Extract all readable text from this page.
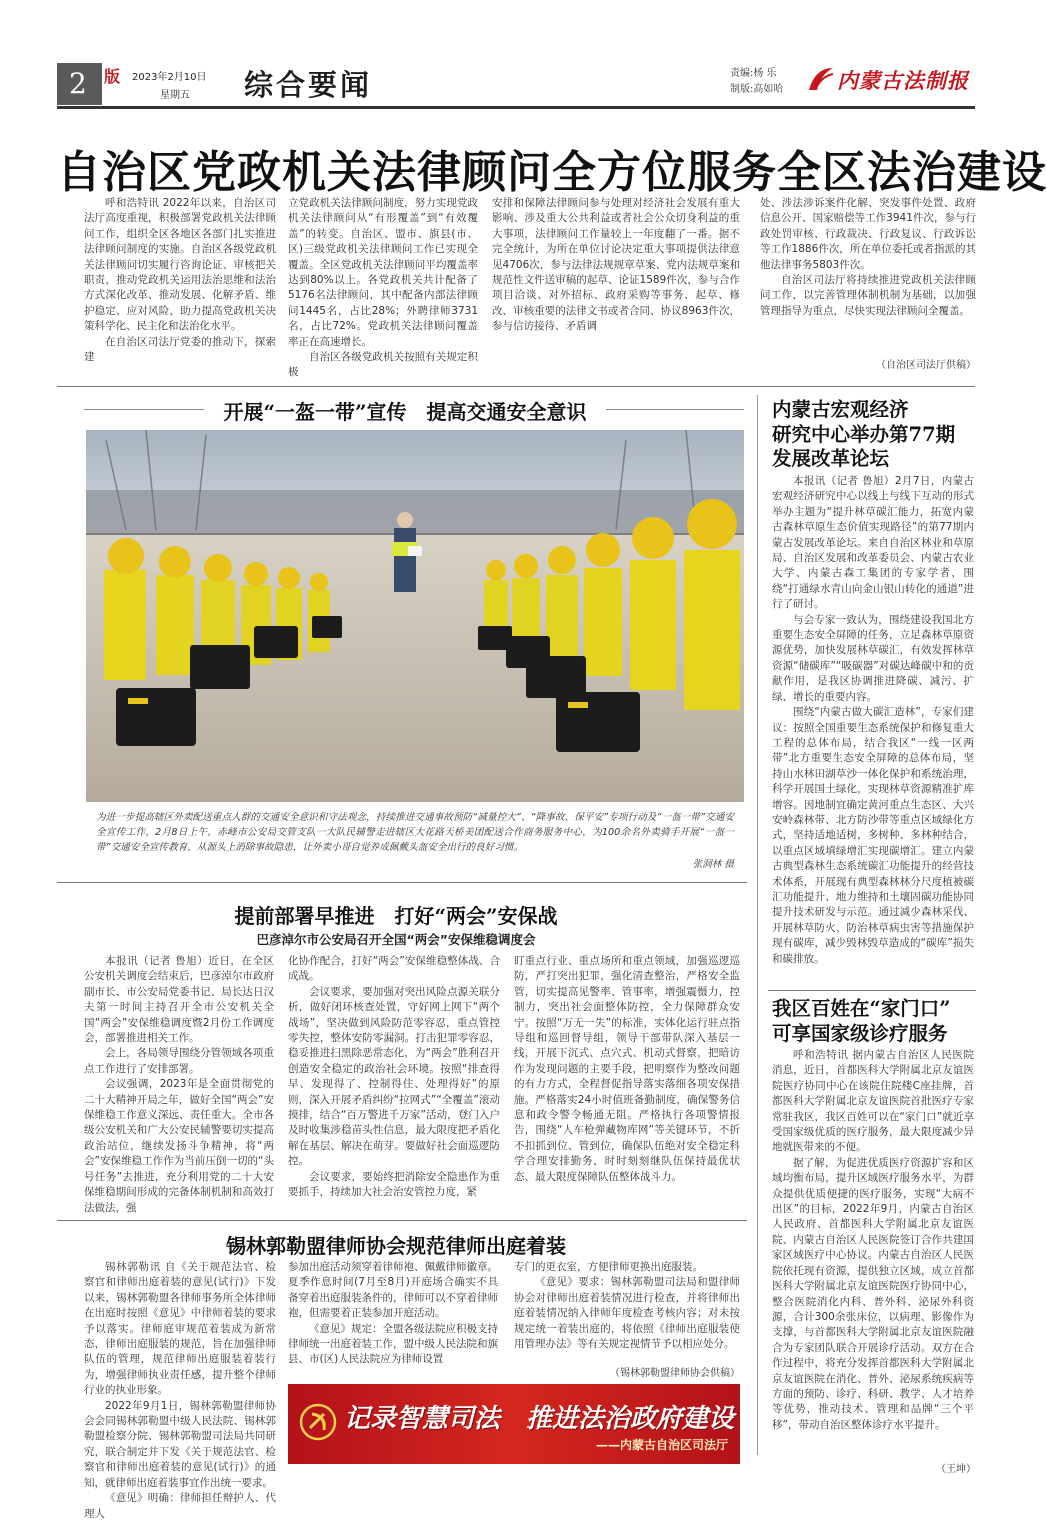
2 版	2023年2月10日
星期五 综合要闻	责编:杨 乐
制版:高如哈	内蒙古法制报
自治区党政机关法律顾问全方位服务全区法治建设

呼和浩特讯 2022年以来，自治区司法厅高度重视，积极部署党政机关法律顾问工作，组织全区各地区各部门扎实推进法律顾问制度的实施。自治区各级党政机关法律顾问切实履行咨询论证、审核把关职责，推动党政机关运用法治思维和法治方式深化改革、推动发展、化解矛盾、维护稳定、应对风险，助力提高党政机关决策科学化、民主化和法治化水平。

在自治区司法厅党委的推动下，探索建

立党政机关法律顾问制度，努力实现党政机关法律顾问从“有形覆盖”到“有效覆盖”的转变。自治区、盟市、旗县(市、区)三级党政机关法律顾问工作已实现全覆盖。全区党政机关法律顾问平均覆盖率达到80%以上。各党政机关共计配备了5176名法律顾问，其中配备内部法律顾问1445名，占比28%；外聘律师3731名，占比72%。党政机关法律顾问覆盖率正在高速增长。

自治区各级党政机关按照有关规定积极

安排和保障法律顾问参与处理对经济社会发展有重大影响、涉及重大公共利益或者社会公众切身利益的重大事项，法律顾问工作量较上一年度翻了一番。据不完全统计，为所在单位讨论决定重大事项提供法律意见4706次，参与法律法规规章草案、党内法规草案和规范性文件送审稿的起草、论证1589件次，参与合作项目洽谈、对外招标、政府采购等事务、起草、修改、审核重要的法律文书或者合同、协议8963件次，参与信访接待、矛盾调

处、涉法涉诉案件化解、突发事件处置、政府信息公开、国家赔偿等工作3941件次，参与行政处罚审核、行政裁决、行政复议、行政诉讼等工作1886件次，所在单位委托或者指派的其他法律事务5803件次。

自治区司法厅将持续推进党政机关法律顾问工作，以完善管理体制机制为基础，以加强管理指导为重点，尽快实现法律顾问全覆盖。

（自治区司法厅供稿）
开展“一盔一带”宣传　提高交通安全意识
为进一步提高辖区外卖配送重点人群的交通安全意识和守法观念，持续推进交通事故预防“减量控大”、“降事故、保平安”专项行动及“一盔一带”交通安全宣传工作，2月8日上午，赤峰市公安局交管支队一大队民辅警走进辖区大花路天桥美团配送合作商务服务中心，为100余名外卖骑手开展“一盔一带”交通安全宣传教育，从源头上消除事故隐患，让外卖小哥自觉养成佩戴头盔安全出行的良好习惯。
张洞林 摄
内蒙古宏观经济
研究中心举办第77期
发展改革论坛

本报讯（记者 鲁旭）2月7日，内蒙古宏观经济研究中心以线上与线下互动的形式举办主题为“提升林草碳汇能力，拓宽内蒙古森林草原生态价值实现路径”的第77期内蒙古发展改革论坛。来自自治区林业和草原局、自治区发展和改革委员会、内蒙古农业大学、内蒙古森工集团的专家学者，围绕“打通绿水青山向金山银山转化的通道”进行了研讨。

与会专家一致认为，围绕建设我国北方重要生态安全屏障的任务，立足森林草原资源优势，加快发展林草碳汇，有效发挥林草资源“储碳库”“吸碳器”对碳达峰碳中和的贡献作用，是我区协调推进降碳、减污、扩绿、增长的重要内容。

围绕“内蒙古做大碳汇造林”，专家们建议：按照全国重要生态系统保护和修复重大工程的总体布局，结合我区“一线一区两带”北方重要生态安全屏障的总体布局，坚持山水林田湖草沙一体化保护和系统治理，科学开展国土绿化，实现林草资源精准扩库增容。因地制宜确定黄河重点生态区、大兴安岭森林带、北方防沙带等重点区域绿化方式，坚持适地适树，多树种、多林种结合，以重点区域填绿增汇实现碳增汇。建立内蒙古典型森林生态系统碳汇功能提升的经营技术体系，开展现有典型森林林分尺度植被碳汇功能提升、地力维持和土壤固碳功能协同提升技术研发与示范。通过减少森林采伐、开展林草防火、防治林草病虫害等措施保护现有碳库，减少毁林毁草造成的“碳库”损失和碳排放。

我区百姓在“家门口”
可享国家级诊疗服务

呼和浩特讯 据内蒙古自治区人民医院消息，近日，首都医科大学附属北京友谊医院医疗协同中心在该院住院楼C座挂牌，首都医科大学附属北京友谊医院首批医疗专家常驻我区，我区百姓可以在“家门口”就近享受国家级优质的医疗服务，最大限度减少异地就医带来的不便。

据了解，为促进优质医疗资源扩容和区域均衡布局，提升区域医疗服务水平，为群众提供优质便捷的医疗服务，实现“大病不出区”的目标，2022年9月，内蒙古自治区人民政府、首都医科大学附属北京友谊医院、内蒙古自治区人民医院签订合作共建国家区域医疗中心协议。内蒙古自治区人民医院依托现有资源，提供独立区域，成立首都医科大学附属北京友谊医院医疗协同中心，整合医院消化内科、普外科、泌尿外科资源，合计300余张床位，以病理、影像作为支撑，与首都医科大学附属北京友谊医院融合为专家团队联合开展诊疗活动。双方在合作过程中，将充分发挥首都医科大学附属北京友谊医院在消化、普外、泌尿系统疾病等方面的预防、诊疗、科研、教学、人才培养等优势，推动技术、管理和品牌“三个平移”，带动自治区整体诊疗水平提升。

（王坤）
提前部署早推进　打好“两会”安保战
巴彦淖尔市公安局召开全国“两会”安保维稳调度会

本报讯（记者 鲁旭）近日，在全区公安机关调度会结束后，巴彦淖尔市政府副市长、市公安局党委书记、局长达日汉夫第一时间主持召开全市公安机关全国“两会”安保维稳调度暨2月份工作调度会，部署推进相关工作。

会上，各局领导围绕分管领域各项重点工作进行了安排部署。

会议强调，2023年是全面贯彻党的二十大精神开局之年，做好全国“两会”安保维稳工作意义深远、责任重大。全市各级公安机关和广大公安民辅警要切实提高政治站位，继续发扬斗争精神，将“两会”安保维稳工作作为当前压倒一切的“头号任务”去推进，充分利用党的二十大安保维稳期间形成的完备体制机制和高效打法做法，强

化协作配合，打好“两会”安保维稳整体战、合成战。

会议要求，要加强对突出风险点源关联分析，做好闭环核查处置，守好网上网下“两个战场”，坚决做到风险防范零容忍，重点管控零失控，整体安防零漏洞。打击犯罪零容忍，稳妥推进扫黑除恶常态化，为“两会”胜利召开创造安全稳定的政治社会环境。按照“排查得早、发现得了、控制得住、处理得好”的原则，深入开展矛盾纠纷“拉网式”“全覆盖”滚动摸排，结合“百万警进千万家”活动，登门入户及时收集涉稳苗头性信息，最大限度把矛盾化解在基层、解决在萌芽。要做好社会面巡逻防控。

会议要求，要始终把消除安全隐患作为重要抓手，持续加大社会治安管控力度，紧

盯重点行业、重点场所和重点领域，加强巡逻巡防，严打突出犯罪，强化清查整治，严格安全监管，切实提高见警率、管事率，增强震慑力，控制力，突出社会面整体防控，全力保障群众安宁。按照“万无一失”的标准，实体化运行驻点指导组和巡回督导组，领导干部带队深入基层一线，开展下沉式、点穴式、机动式督察，把暗访作为发现问题的主要手段，把明察作为整改问题的有力方式，全程督促指导落实落细各项安保措施。严格落实24小时值班备勤制度，确保警务信息和政令警令畅通无阻。严格执行各项警情报告，围绕“人车枪弹藏物库网”等关键环节，不折不扣抓到位、管到位，确保队伍绝对安全稳定科学合理安排勤务，时时刻刻继队伍保持最优状态、最大限度保障队伍整体战斗力。

锡林郭勒盟律师协会规范律师出庭着装

锡林郭勒讯 自《关于规范法官、检察官和律师出庭着装的意见(试行)》下发以来，锡林郭勒盟各律师事务所全体律师在出庭时按照《意见》中律师着装的要求予以落实。律师庭审规范着装成为新常态，律师出庭服装的规范，旨在加强律师队伍的管理，规范律师出庭服装着装行为，增强律师执业责任感，提升整个律师行业的执业形象。

2022年9月1日，锡林郭勒盟律师协会会同锡林郭勒盟中级人民法院、锡林郭勒盟检察分院、锡林郭勒盟司法局共同研究，联合制定并下发《关于规范法官、检察官和律师出庭着装的意见(试行)》的通知，就律师出庭着装事宜作出统一要求。

《意见》明确：律师担任辩护人、代理人

参加出庭活动须穿着律师袍、佩戴律师徽章。夏季作息时间(7月至8月)开庭场合确实不具备穿着出庭服装条件的，律师可以不穿着律师袍，但需要着正装参加开庭活动。

《意见》规定：全盟各级法院应积极支持律师统一出庭着装工作，盟中级人民法院和旗县、市(区)人民法院应为律师设置

专门的更衣室，方便律师更换出庭服装。

《意见》要求：锡林郭勒盟司法局和盟律师协会对律师出庭着装情况进行检查，并将律师出庭着装情况纳入律师年度检查考核内容；对未按规定统一着装出庭的，将依照《律师出庭服装使用管理办法》等有关规定视情节予以相应处分。

（锡林郭勒盟律师协会供稿）
记录智慧司法　推进法治政府建设
——内蒙古自治区司法厅
